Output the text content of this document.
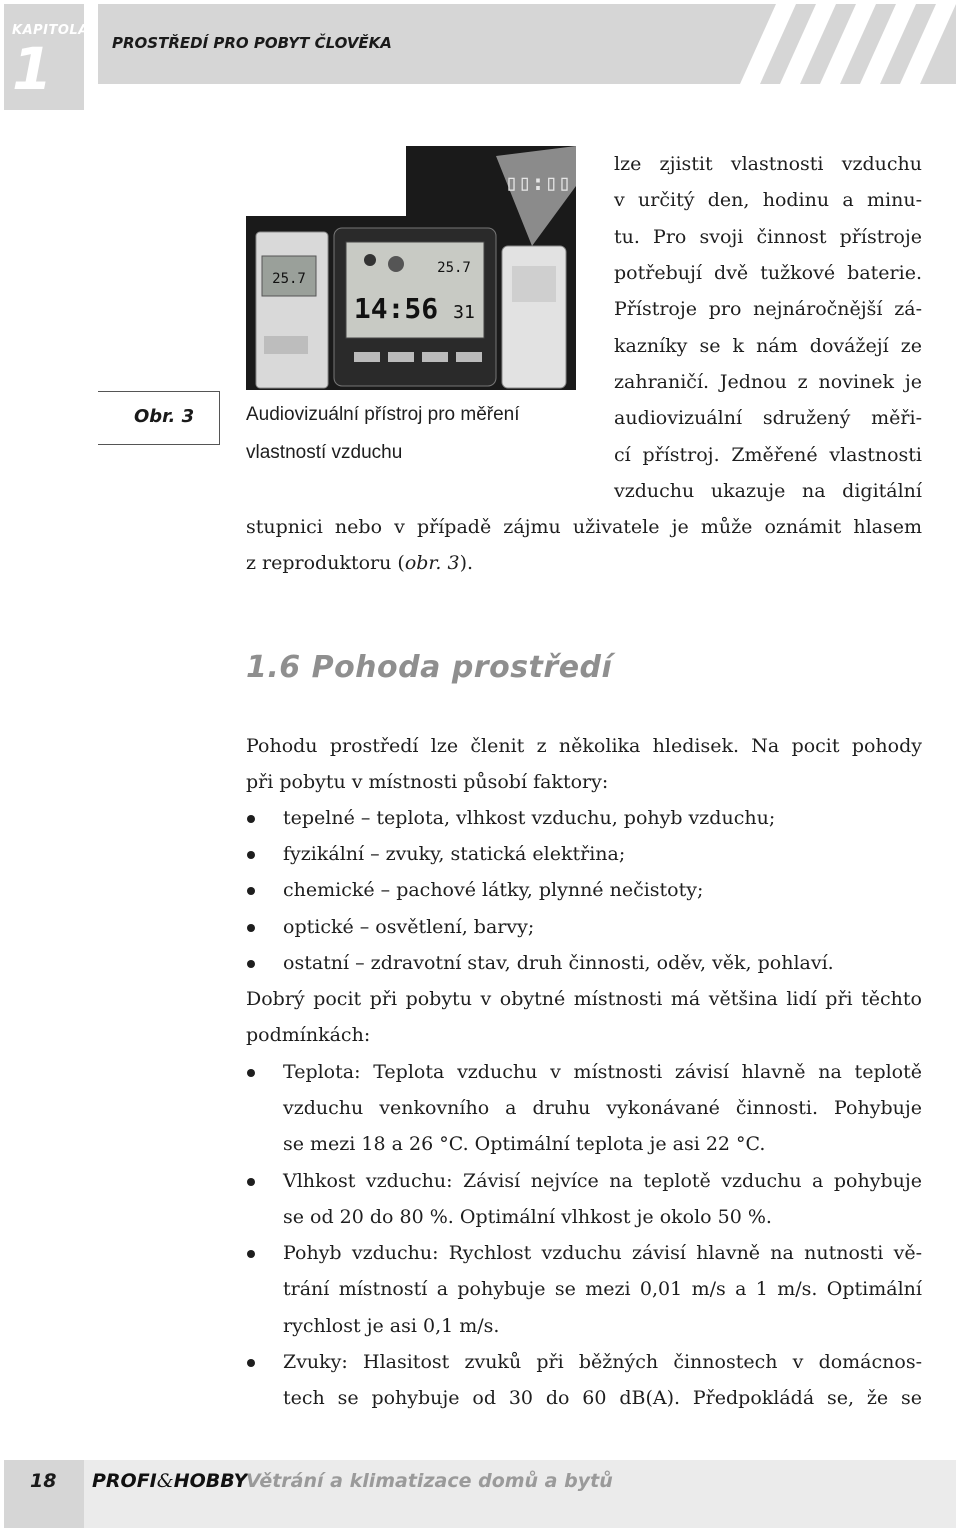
KAPITOLA
1	PROSTŘEDÍ PRO POBYT ČLOVĚKA
25.7
25.7
14:56 31
▯▯:▯▯
Obr. 3	Audiovizuální přístroj pro měření
vlastností vzduchu
lze zjistit vlastnosti vzduchu
v určitý den, hodinu a minu-
tu. Pro svoji činnost přístroje
potřebují dvě tužkové baterie.
Přístroje pro nejnáročnější zá-
kazníky se k nám dovážejí ze
zahraničí. Jednou z novinek je
audiovizuální sdružený měři-
cí přístroj. Změřené vlastnosti
vzduchu ukazuje na digitální
stupnici nebo v případě zájmu uživatele je může oznámit hlasem
z reproduktoru (obr. 3).
1.6 Pohoda prostředí
Pohodu prostředí lze členit z několika hledisek. Na pocit pohody
při pobytu v místnosti působí faktory:
tepelné – teplota, vlhkost vzduchu, pohyb vzduchu;
fyzikální – zvuky, statická elektřina;
chemické – pachové látky, plynné nečistoty;
optické – osvětlení, barvy;
ostatní – zdravotní stav, druh činnosti, oděv, věk, pohlaví.
Dobrý pocit při pobytu v obytné místnosti má většina lidí při těchto
podmínkách:
Teplota: Teplota vzduchu v místnosti závisí hlavně na teplotě
vzduchu venkovního a druhu vykonávané činnosti. Pohybuje
se mezi 18 a 26 °C. Optimální teplota je asi 22 °C.
Vlhkost vzduchu: Závisí nejvíce na teplotě vzduchu a pohybuje
se od 20 do 80 %. Optimální vlhkost je okolo 50 %.
Pohyb vzduchu: Rychlost vzduchu závisí hlavně na nutnosti vě-
trání místností a pohybuje se mezi 0,01 m/s a 1 m/s. Optimální
rychlost je asi 0,1 m/s.
Zvuky: Hlasitost zvuků při běžných činnostech v domácnos-
tech se pohybuje od 30 do 60 dB(A). Předpokládá se, že se
18 PROFI&HOBBY
Větrání a klimatizace domů a bytů
